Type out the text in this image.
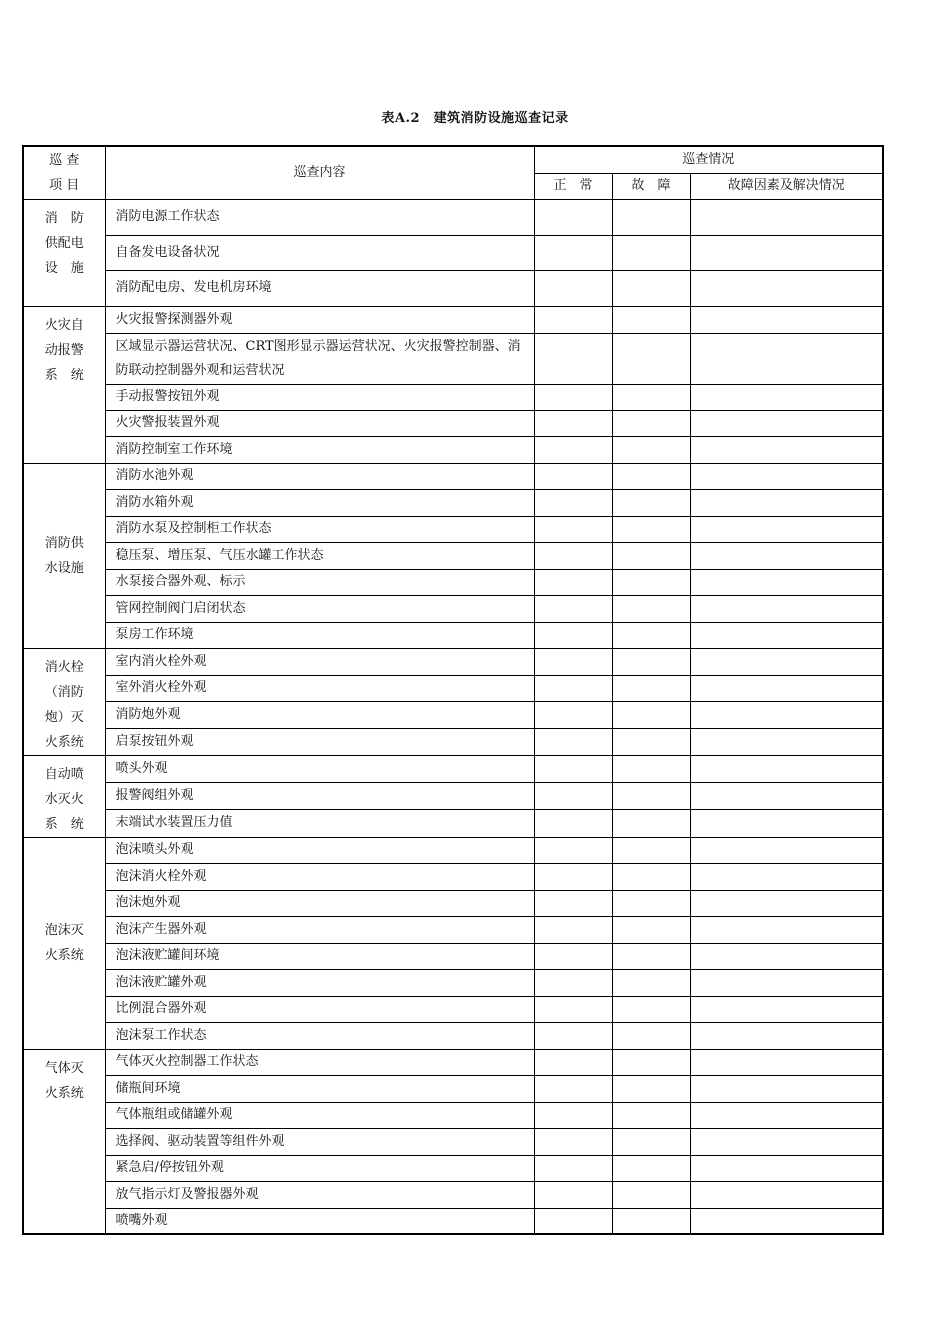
表A.2　建筑消防设施巡查记录
巡 查
项 目	巡查内容	巡查情况		
		正　常	故　障	故障因素及解决情况

消　防
供配电
设　施	消防电源工作状态			
	自备发电设备状况			
	消防配电房、发电机房环境			

火灾自
动报警
系　统	火灾报警探测器外观			
	区域显示器运营状况、CRT图形显示器运营状况、火灾报警控制器、消防联动控制器外观和运营状况			
	手动报警按钮外观			
	火灾警报装置外观			
	消防控制室工作环境			

消防供
水设施	消防水池外观			
	消防水箱外观			
	消防水泵及控制柜工作状态			
	稳压泵、增压泵、气压水罐工作状态			
	水泵接合器外观、标示			
	管网控制阀门启闭状态			
	泵房工作环境			

消火栓
（消防
炮）灭
火系统	室内消火栓外观			
	室外消火栓外观			
	消防炮外观			
	启泵按钮外观			

自动喷
水灭火
系　统	喷头外观			
	报警阀组外观			
	末端试水装置压力值			

泡沫灭
火系统	泡沫喷头外观			
	泡沫消火栓外观			
	泡沫炮外观			
	泡沫产生器外观			
	泡沫液贮罐间环境			
	泡沫液贮罐外观			
	比例混合器外观			
	泡沫泵工作状态			

气体灭
火系统	气体灭火控制器工作状态			
	储瓶间环境			
	气体瓶组或储罐外观			
	选择阀、驱动装置等组件外观			
	紧急启/停按钮外观			
	放气指示灯及警报器外观			
	喷嘴外观			
